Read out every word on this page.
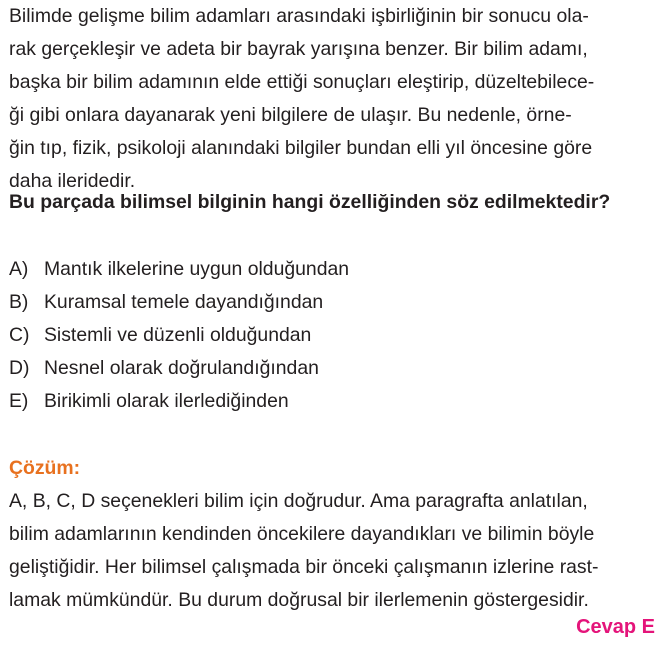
Bilimde gelişme bilim adamları arasındaki işbirliğinin bir sonucu ola-
rak gerçekleşir ve adeta bir bayrak yarışına benzer. Bir bilim adamı,
başka bir bilim adamının elde ettiği sonuçları eleştirip, düzeltebilece-
ği gibi onlara dayanarak yeni bilgilere de ulaşır. Bu nedenle, örne-
ğin tıp, fizik, psikoloji alanındaki bilgiler bundan elli yıl öncesine göre
daha ileridedir.
Bu parçada bilimsel bilginin hangi özelliğinden söz edilmektedir?
A) Mantık ilkelerine uygun olduğundan
B) Kuramsal temele dayandığından
C) Sistemli ve düzenli olduğundan
D) Nesnel olarak doğrulandığından
E) Birikimli olarak ilerlediğinden
Çözüm:
A, B, C, D seçenekleri bilim için doğrudur. Ama paragrafta anlatılan,
bilim adamlarının kendinden öncekilere dayandıkları ve bilimin böyle
geliştiğidir. Her bilimsel çalışmada bir önceki çalışmanın izlerine rast-
lamak mümkündür. Bu durum doğrusal bir ilerlemenin göstergesidir.
Cevap E
